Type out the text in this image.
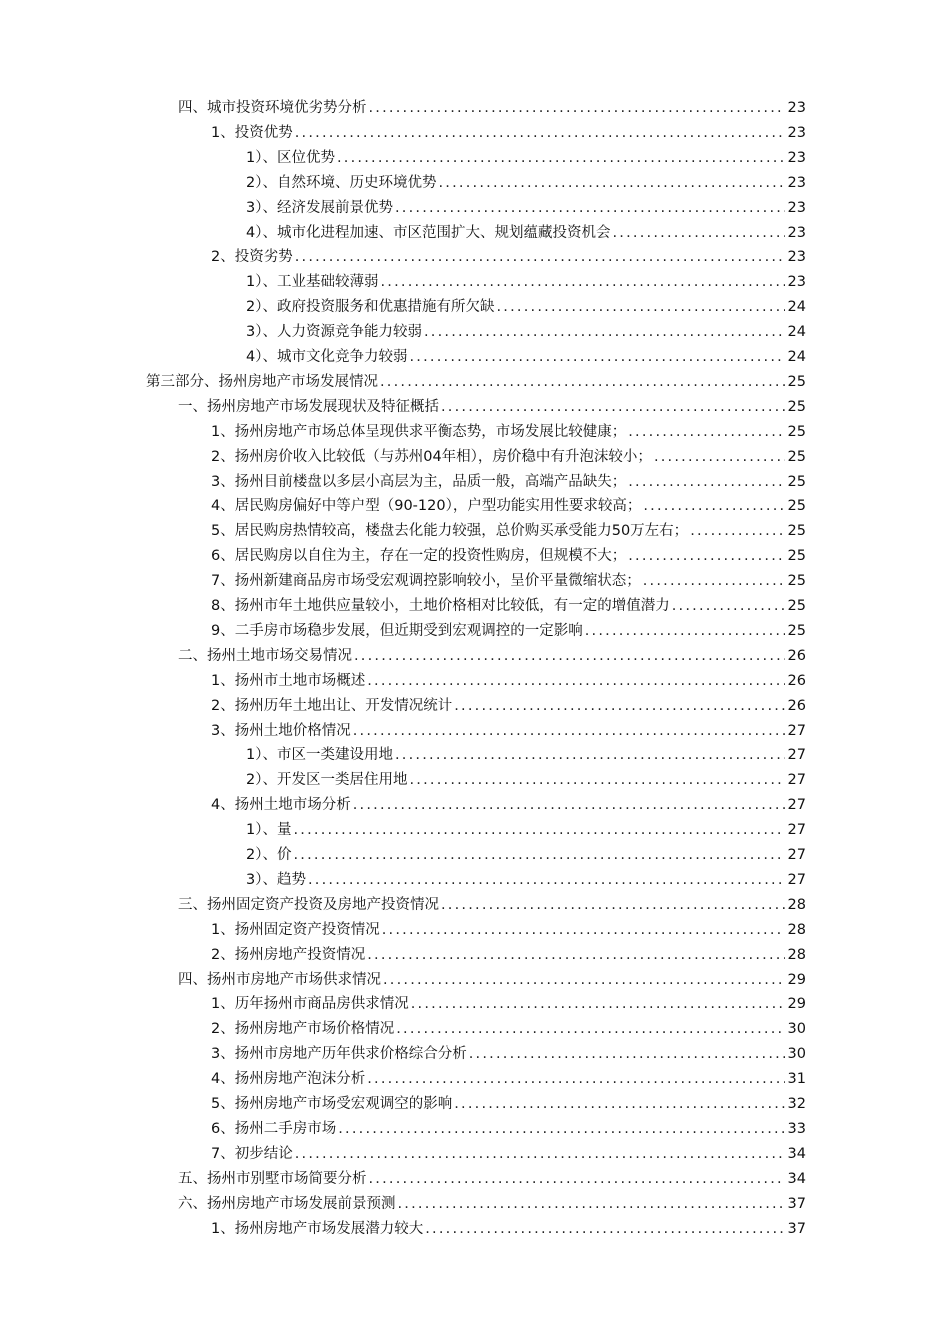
四、城市投资环境优劣势分析 .....	23
1、投资优势 .....	23
1）、区位优势 .....	23
2）、自然环境、历史环境优势 .....	23
3）、经济发展前景优势 .....	23
4）、城市化进程加速、市区范围扩大、规划蕴藏投资机会 .....	23
2、投资劣势 .....	23
1）、工业基础较薄弱 .....	23
2）、政府投资服务和优惠措施有所欠缺 .....	24
3）、人力资源竞争能力较弱 .....	24
4）、城市文化竞争力较弱 .....	24
第三部分、扬州房地产市场发展情况 .....	25
一、扬州房地产市场发展现状及特征概括 .....	25
1、扬州房地产市场总体呈现供求平衡态势，市场发展比较健康； .....	25
2、扬州房价收入比较低（与苏州04年相），房价稳中有升泡沫较小； .....	25
3、扬州目前楼盘以多层小高层为主，品质一般，高端产品缺失； .....	25
4、居民购房偏好中等户型（90-120），户型功能实用性要求较高； .....	25
5、居民购房热情较高，楼盘去化能力较强，总价购买承受能力50万左右； .....	25
6、居民购房以自住为主，存在一定的投资性购房，但规模不大； .....	25
7、扬州新建商品房市场受宏观调控影响较小，呈价平量微缩状态； .....	25
8、扬州市年土地供应量较小，土地价格相对比较低，有一定的增值潜力 .....	25
9、二手房市场稳步发展，但近期受到宏观调控的一定影响 .....	25
二、扬州土地市场交易情况 .....	26
1、扬州市土地市场概述 .....	26
2、扬州历年土地出让、开发情况统计 .....	26
3、扬州土地价格情况 .....	27
1）、市区一类建设用地 .....	27
2）、开发区一类居住用地 .....	27
4、扬州土地市场分析 .....	27
1）、量 .....	27
2）、价 .....	27
3）、趋势 .....	27
三、扬州固定资产投资及房地产投资情况 .....	28
1、扬州固定资产投资情况 .....	28
2、扬州房地产投资情况 .....	28
四、扬州市房地产市场供求情况 .....	29
1、历年扬州市商品房供求情况 .....	29
2、扬州房地产市场价格情况 .....	30
3、扬州市房地产历年供求价格综合分析 .....	30
4、扬州房地产泡沫分析 .....	31
5、扬州房地产市场受宏观调空的影响 .....	32
6、扬州二手房市场 .....	33
7、初步结论 .....	34
五、扬州市别墅市场简要分析 .....	34
六、扬州房地产市场发展前景预测 .....	37
1、扬州房地产市场发展潜力较大 .....	37
